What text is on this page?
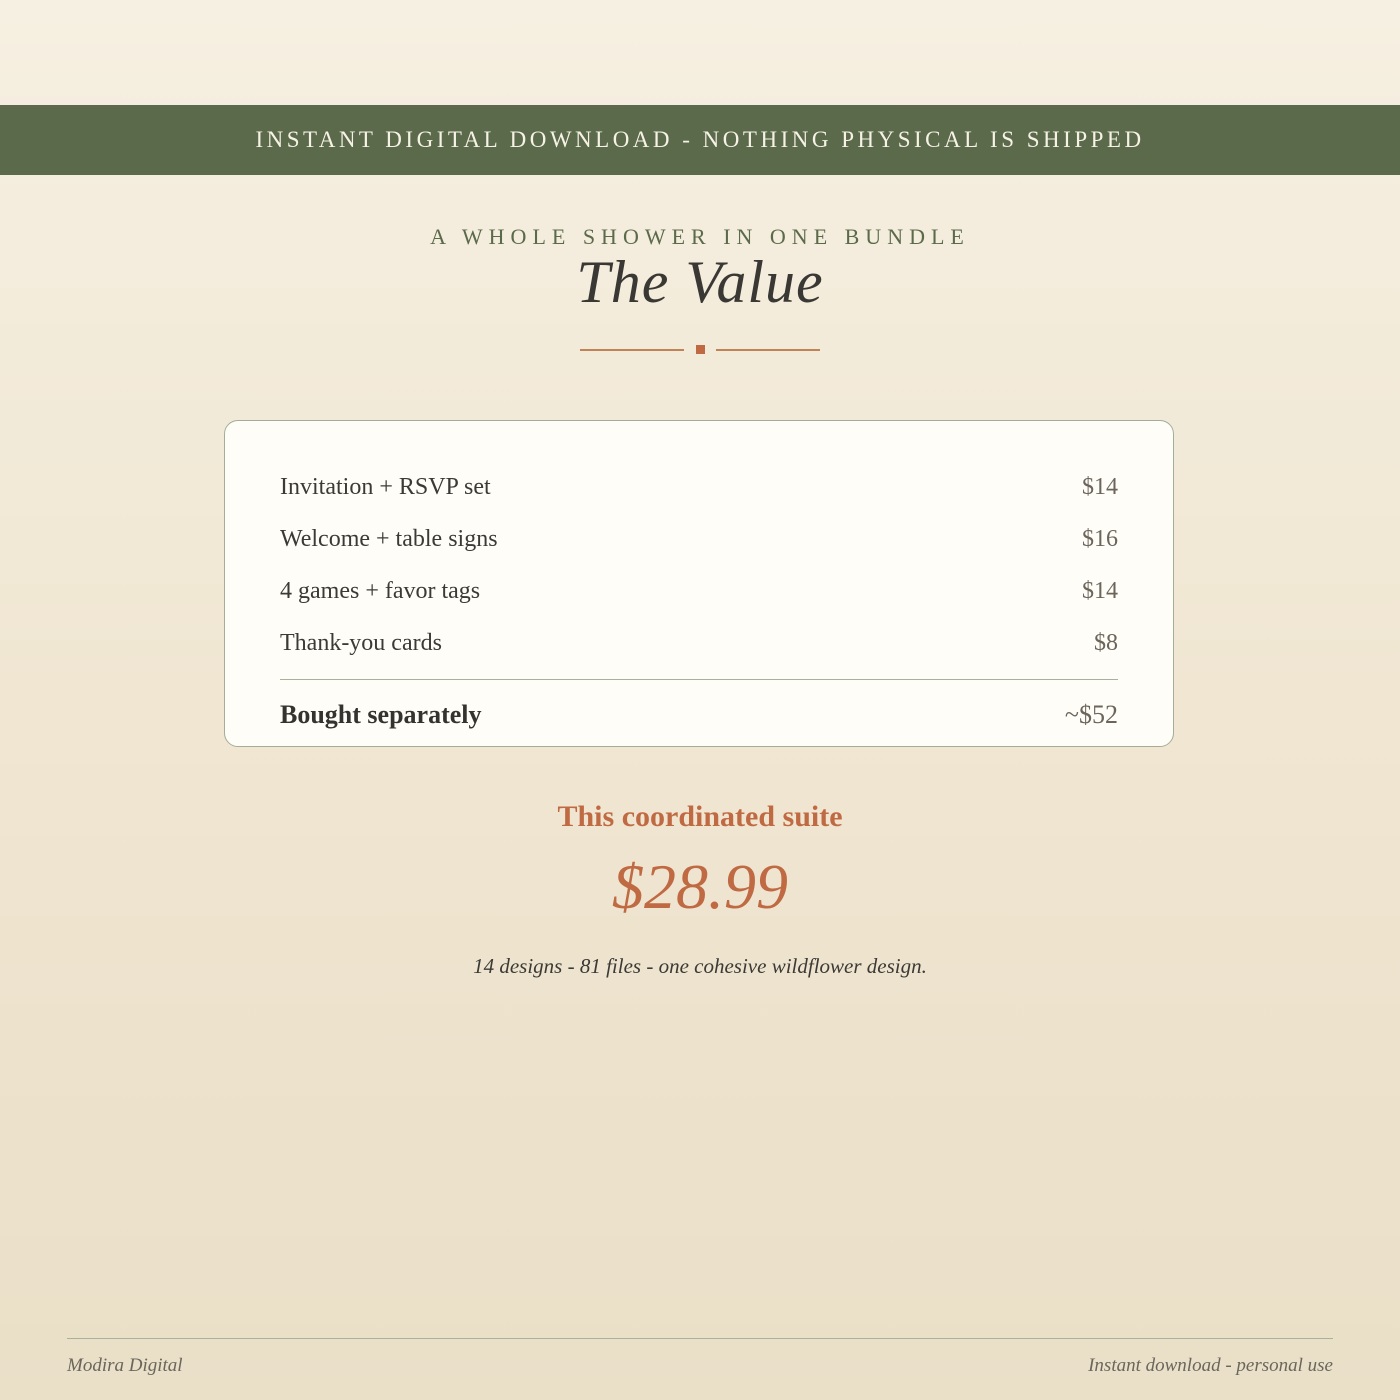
INSTANT DIGITAL DOWNLOAD - NOTHING PHYSICAL IS SHIPPED
A WHOLE SHOWER IN ONE BUNDLE
The Value
Invitation + RSVP set	$14
Welcome + table signs	$16
4 games + favor tags	$14
Thank-you cards	$8
Bought separately	~$52
This coordinated suite
$28.99
14 designs - 81 files - one cohesive wildflower design.
Modira Digital	Instant download - personal use
